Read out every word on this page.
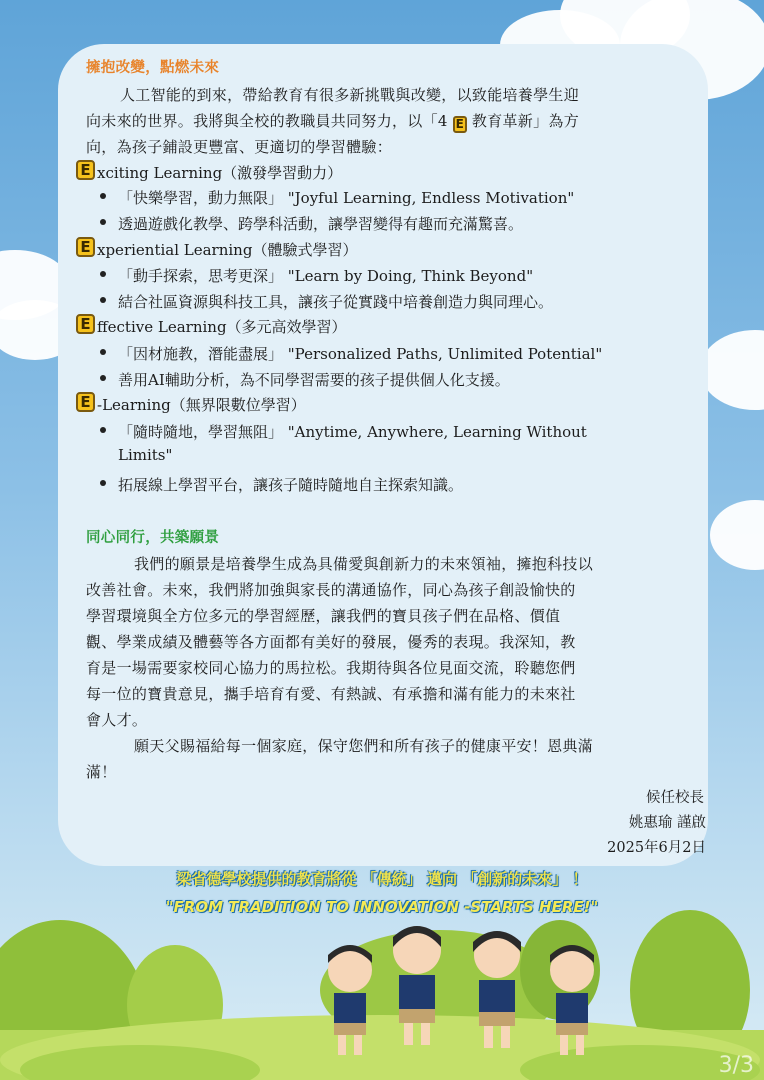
擁抱改變，點燃未來
人工智能的到來，帶給教育有很多新挑戰與改變，以致能培養學生迎
向未來的世界。我將與全校的教職員共同努力，以「4 E 教育革新」為方
向，為孩子鋪設更豐富、更適切的學習體驗：
E xciting Learning（激發學習動力）
「快樂學習，動力無限」 "Joyful Learning, Endless Motivation"
透過遊戲化教學、跨學科活動，讓學習變得有趣而充滿驚喜。
E xperiential Learning（體驗式學習）
「動手探索，思考更深」 "Learn by Doing, Think Beyond"
結合社區資源與科技工具，讓孩子從實踐中培養創造力與同理心。
E ffective Learning（多元高效學習）
「因材施教，潛能盡展」 "Personalized Paths, Unlimited Potential"
善用AI輔助分析，為不同學習需要的孩子提供個人化支援。
E -Learning（無界限數位學習）
「隨時隨地，學習無阻」 "Anytime, Anywhere, Learning Without
Limits"
拓展線上學習平台，讓孩子隨時隨地自主探索知識。
同心同行，共築願景
我們的願景是培養學生成為具備愛與創新力的未來領袖，擁抱科技以
改善社會。未來，我們將加強與家長的溝通協作，同心為孩子創設愉快的
學習環境與全方位多元的學習經歷，讓我們的寶貝孩子們在品格、價值
觀、學業成績及體藝等各方面都有美好的發展，優秀的表現。我深知，教
育是一場需要家校同心協力的馬拉松。我期待與各位見面交流，聆聽您們
每一位的寶貴意見，攜手培育有愛、有熱誠、有承擔和滿有能力的未來社
會人才。
願天父賜福給每一個家庭，保守您們和所有孩子的健康平安！恩典滿
滿！
候任校長
姚惠瑜 謹啟
2025年6月2日
梁省德學校提供的教育將從 「傳統」 邁向 「創新的未來」 ！
"FROM TRADITION TO INNOVATION -STARTS HERE!"
3/3
